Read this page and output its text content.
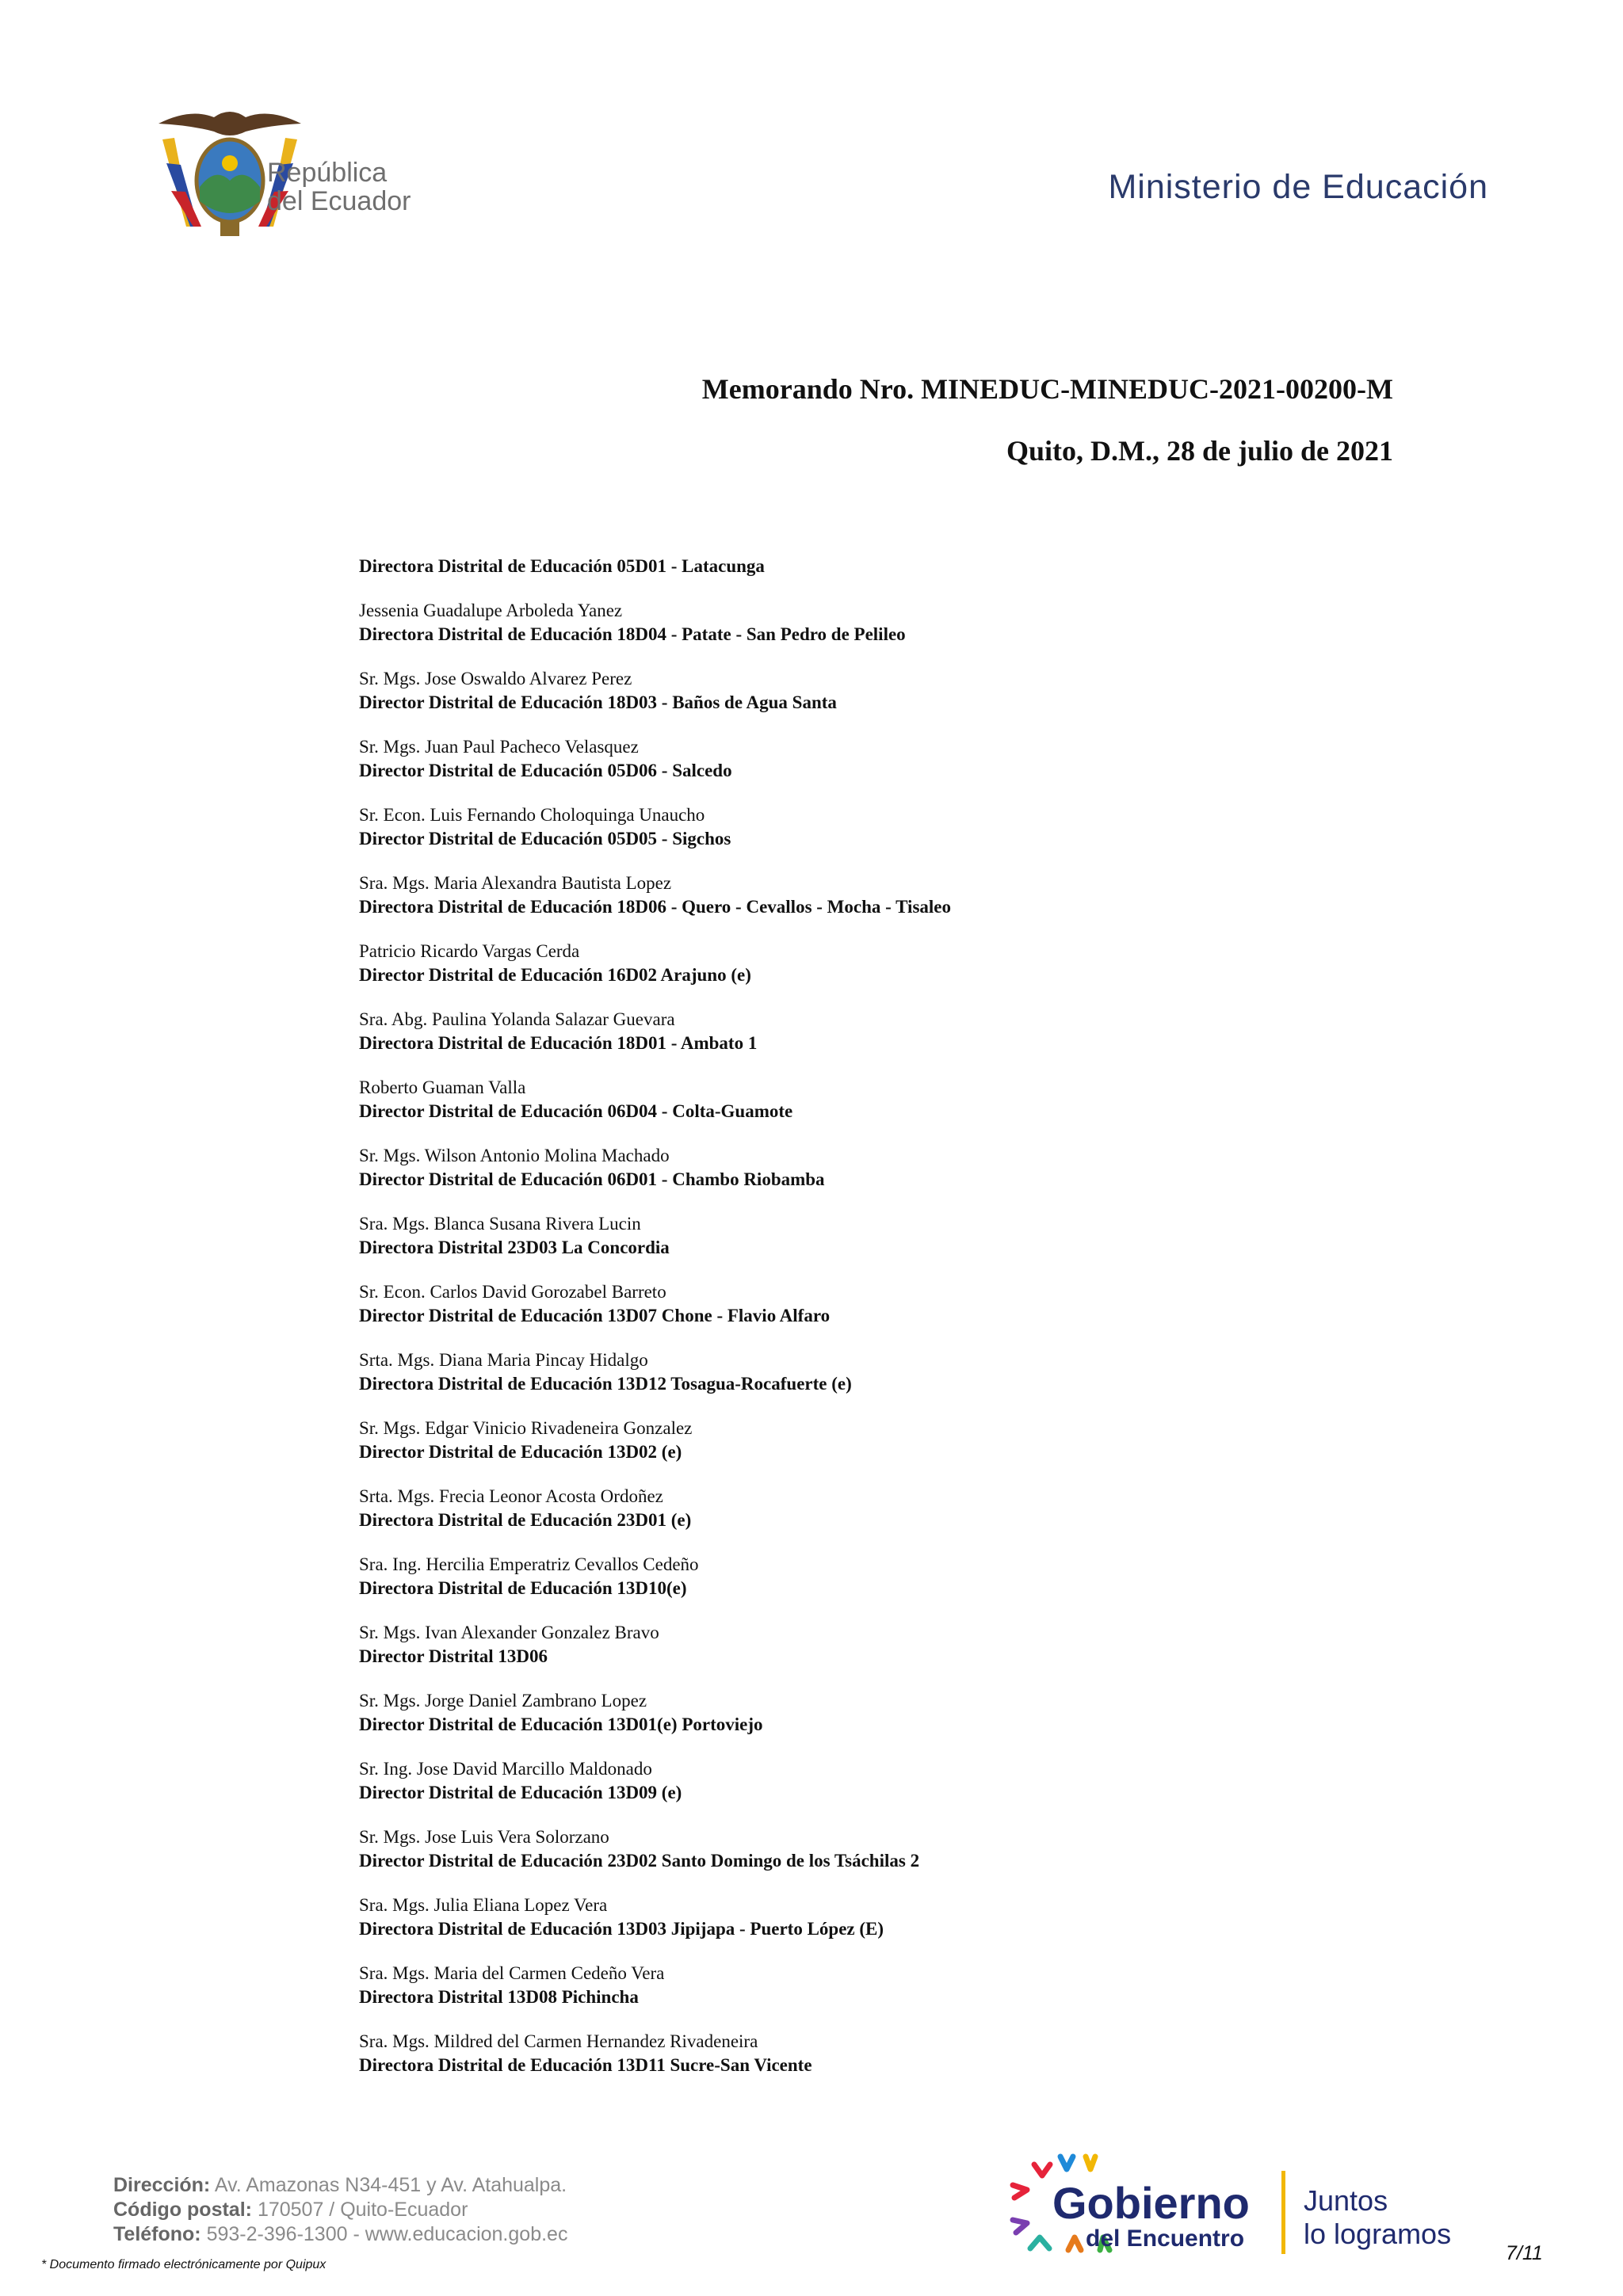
República
del Ecuador	Ministerio de Educación
Memorando Nro. MINEDUC-MINEDUC-2021-00200-M
Quito, D.M., 28 de julio de 2021
Directora Distrital de Educación 05D01 - Latacunga
Jessenia Guadalupe Arboleda Yanez
Directora Distrital de Educación 18D04 - Patate - San Pedro de Pelileo
Sr. Mgs. Jose Oswaldo Alvarez Perez
Director Distrital de Educación 18D03 - Baños de Agua Santa
Sr. Mgs. Juan Paul Pacheco Velasquez
Director Distrital de Educación 05D06 - Salcedo
Sr. Econ. Luis Fernando Choloquinga Unaucho
Director Distrital de Educación 05D05 - Sigchos
Sra. Mgs. Maria Alexandra Bautista Lopez
Directora Distrital de Educación 18D06 - Quero - Cevallos - Mocha - Tisaleo
Patricio Ricardo Vargas Cerda
Director Distrital de Educación 16D02 Arajuno (e)
Sra. Abg. Paulina Yolanda Salazar Guevara
Directora Distrital de Educación 18D01 - Ambato 1
Roberto Guaman Valla
Director Distrital de Educación 06D04 - Colta-Guamote
Sr. Mgs. Wilson Antonio Molina Machado
Director Distrital de Educación 06D01 - Chambo Riobamba
Sra. Mgs. Blanca Susana Rivera Lucin
Directora Distrital 23D03 La Concordia
Sr. Econ. Carlos David Gorozabel Barreto
Director Distrital de Educación 13D07 Chone - Flavio Alfaro
Srta. Mgs. Diana Maria Pincay Hidalgo
Directora Distrital de Educación 13D12 Tosagua-Rocafuerte (e)
Sr. Mgs. Edgar Vinicio Rivadeneira Gonzalez
Director Distrital de Educación 13D02 (e)
Srta. Mgs. Frecia Leonor Acosta Ordoñez
Directora Distrital de Educación 23D01 (e)
Sra. Ing. Hercilia Emperatriz Cevallos Cedeño
Directora Distrital de Educación 13D10(e)
Sr. Mgs. Ivan Alexander Gonzalez Bravo
Director Distrital 13D06
Sr. Mgs. Jorge Daniel Zambrano Lopez
Director Distrital de Educación 13D01(e) Portoviejo
Sr. Ing. Jose David Marcillo Maldonado
Director Distrital de Educación 13D09 (e)
Sr. Mgs. Jose Luis Vera Solorzano
Director Distrital de Educación 23D02 Santo Domingo de los Tsáchilas 2
Sra. Mgs. Julia Eliana Lopez Vera
Directora Distrital de Educación 13D03 Jipijapa - Puerto López (E)
Sra. Mgs. Maria del Carmen Cedeño Vera
Directora Distrital 13D08 Pichincha
Sra. Mgs. Mildred del Carmen Hernandez Rivadeneira
Directora Distrital de Educación 13D11 Sucre-San Vicente
Dirección: Av. Amazonas N34-451 y Av. Atahualpa.
Código postal: 170507 / Quito-Ecuador
Teléfono: 593-2-396-1300 - www.educacion.gob.ec
* Documento firmado electrónicamente por Quipux
Gobierno
del Encuentro
Juntos
lo logramos
7/11
